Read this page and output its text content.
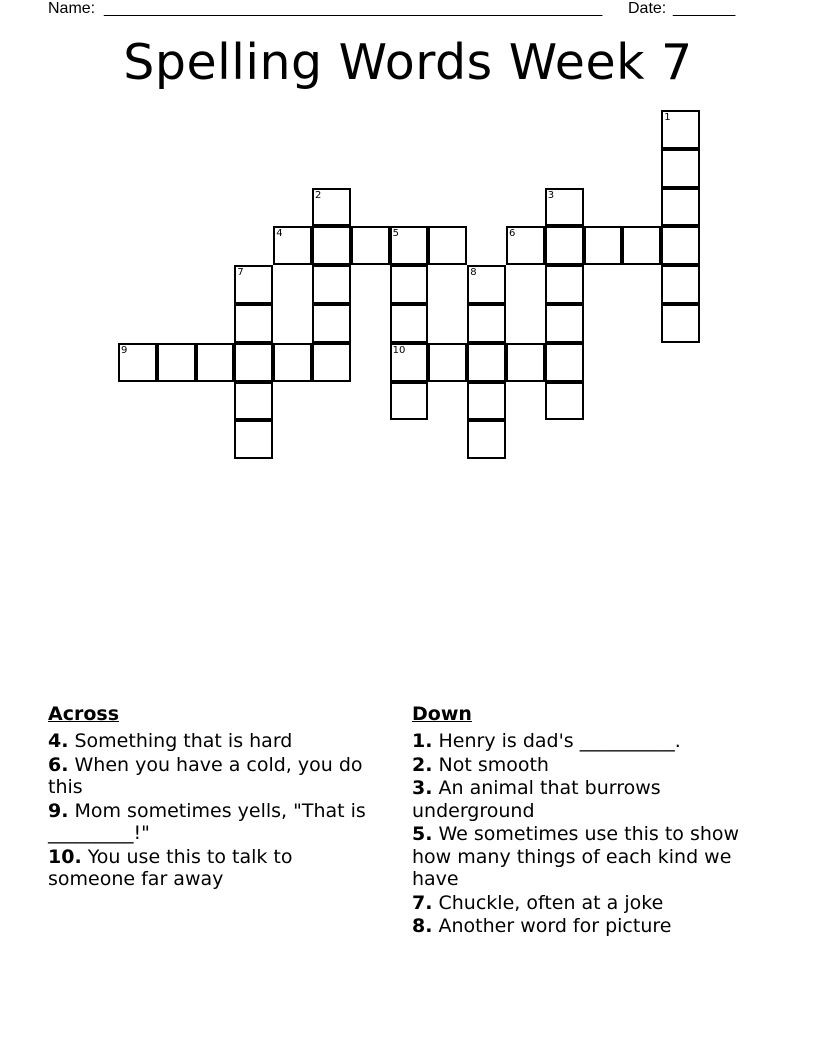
Name: ________________________________________________________ Date: _______
Spelling Words Week 7
1
2	3
4	5	6
7	8
9	10
Across
4. Something that is hard
6. When you have a cold, you do this
9. Mom sometimes yells, "That is _________!"
10. You use this to talk to someone far away
Down
1. Henry is dad's __________.
2. Not smooth
3. An animal that burrows underground
5. We sometimes use this to show how many things of each kind we have
7. Chuckle, often at a joke
8. Another word for picture
